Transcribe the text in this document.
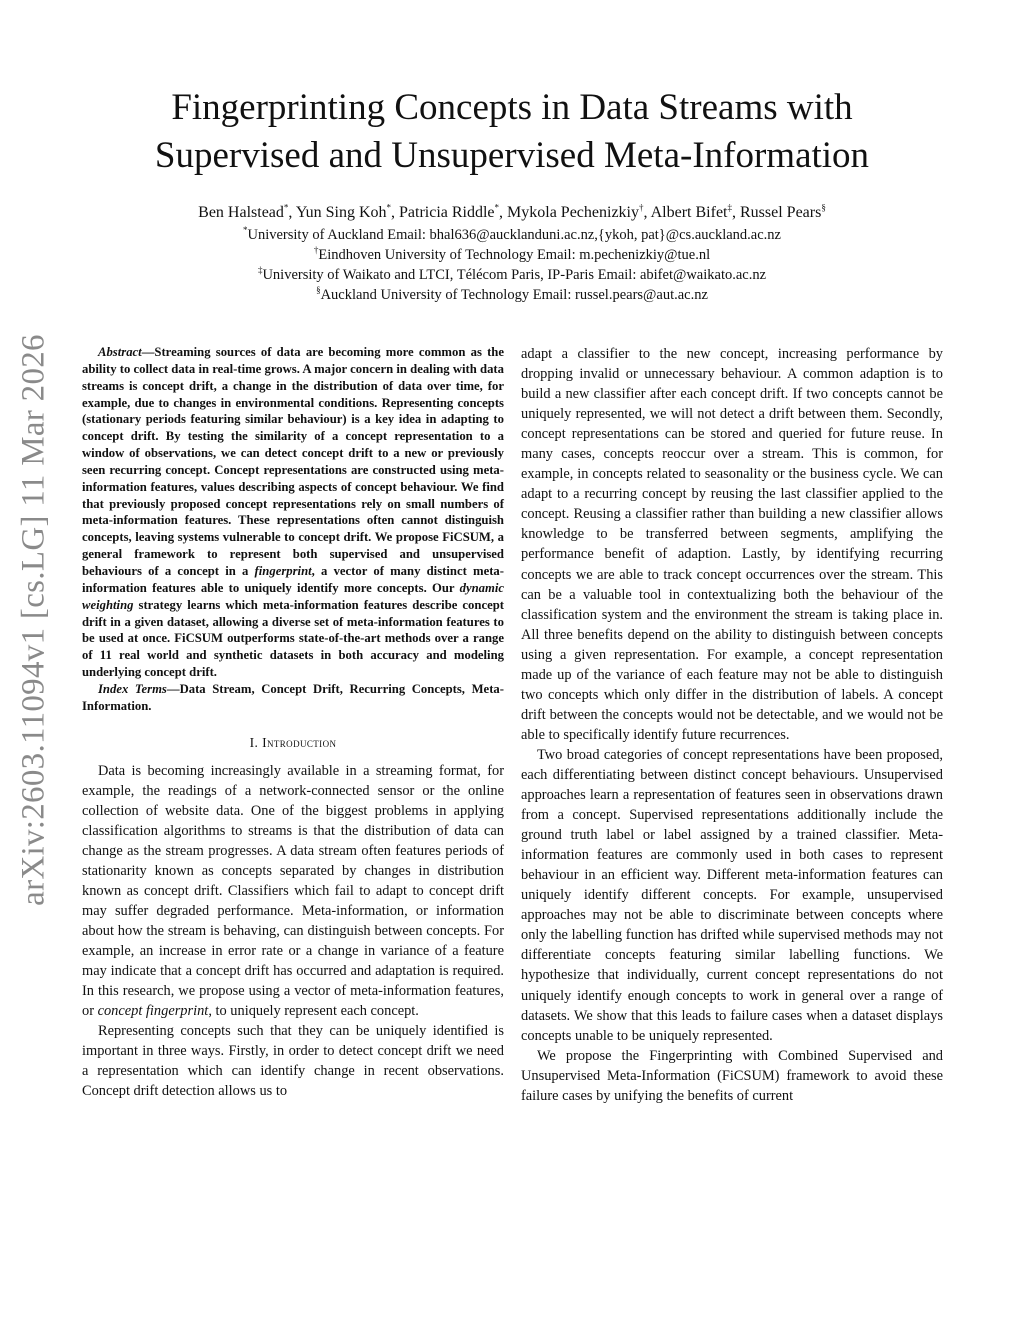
Fingerprinting Concepts in Data Streams with
Supervised and Unsupervised Meta-Information
Ben Halstead*, Yun Sing Koh*, Patricia Riddle*, Mykola Pechenizkiy†, Albert Bifet‡, Russel Pears§
*University of Auckland Email: bhal636@aucklanduni.ac.nz,{ykoh, pat}@cs.auckland.ac.nz
†Eindhoven University of Technology Email: m.pechenizkiy@tue.nl
‡University of Waikato and LTCI, Télécom Paris, IP-Paris Email: abifet@waikato.ac.nz
§Auckland University of Technology Email: russel.pears@aut.ac.nz
arXiv:2603.11094v1 [cs.LG] 11 Mar 2026	Abstract—Streaming sources of data are becoming more common as the ability to collect data in real-time grows. A major concern in dealing with data streams is concept drift, a change in the distribution of data over time, for example, due to changes in environmental conditions. Representing concepts (stationary periods featuring similar behaviour) is a key idea in adapting to concept drift. By testing the similarity of a concept representation to a window of observations, we can detect concept drift to a new or previously seen recurring concept. Concept representations are constructed using meta-information features, values describing aspects of concept behaviour. We find that previously proposed concept representations rely on small numbers of meta-information features. These representations often cannot distinguish concepts, leaving systems vulnerable to concept drift. We propose FiCSUM, a general framework to represent both supervised and unsupervised behaviours of a concept in a fingerprint, a vector of many distinct meta-information features able to uniquely identify more concepts. Our dynamic weighting strategy learns which meta-information features describe concept drift in a given dataset, allowing a diverse set of meta-information features to be used at once. FiCSUM outperforms state-of-the-art methods over a range of 11 real world and synthetic datasets in both accuracy and modeling underlying concept drift.

Index Terms—Data Stream, Concept Drift, Recurring Concepts, Meta-Information.

I. Introduction

Data is becoming increasingly available in a streaming format, for example, the readings of a network-connected sensor or the online collection of website data. One of the biggest problems in applying classification algorithms to streams is that the distribution of data can change as the stream progresses. A data stream often features periods of stationarity known as concepts separated by changes in distribution known as concept drift. Classifiers which fail to adapt to concept drift may suffer degraded performance. Meta-information, or information about how the stream is behaving, can distinguish between concepts. For example, an increase in error rate or a change in variance of a feature may indicate that a concept drift has occurred and adaptation is required. In this research, we propose using a vector of meta-information features, or concept fingerprint, to uniquely represent each concept.

Representing concepts such that they can be uniquely identified is important in three ways. Firstly, in order to detect concept drift we need a representation which can identify change in recent observations. Concept drift detection allows us to

adapt a classifier to the new concept, increasing performance by dropping invalid or unnecessary behaviour. A common adaption is to build a new classifier after each concept drift. If two concepts cannot be uniquely represented, we will not detect a drift between them. Secondly, concept representations can be stored and queried for future reuse. In many cases, concepts reoccur over a stream. This is common, for example, in concepts related to seasonality or the business cycle. We can adapt to a recurring concept by reusing the last classifier applied to the concept. Reusing a classifier rather than building a new classifier allows knowledge to be transferred between segments, amplifying the performance benefit of adaption. Lastly, by identifying recurring concepts we are able to track concept occurrences over the stream. This can be a valuable tool in contextualizing both the behaviour of the classification system and the environment the stream is taking place in. All three benefits depend on the ability to distinguish between concepts using a given representation. For example, a concept representation made up of the variance of each feature may not be able to distinguish two concepts which only differ in the distribution of labels. A concept drift between the concepts would not be detectable, and we would not be able to specifically identify future recurrences.

Two broad categories of concept representations have been proposed, each differentiating between distinct concept behaviours. Unsupervised approaches learn a representation of features seen in observations drawn from a concept. Supervised representations additionally include the ground truth label or label assigned by a trained classifier. Meta-information features are commonly used in both cases to represent behaviour in an efficient way. Different meta-information features can uniquely identify different concepts. For example, unsupervised approaches may not be able to discriminate between concepts where only the labelling function has drifted while supervised methods may not differentiate concepts featuring similar labelling functions. We hypothesize that individually, current concept representations do not uniquely identify enough concepts to work in general over a range of datasets. We show that this leads to failure cases when a dataset displays concepts unable to be uniquely represented.

We propose the Fingerprinting with Combined Supervised and Unsupervised Meta-Information (FiCSUM) framework to avoid these failure cases by unifying the benefits of current
